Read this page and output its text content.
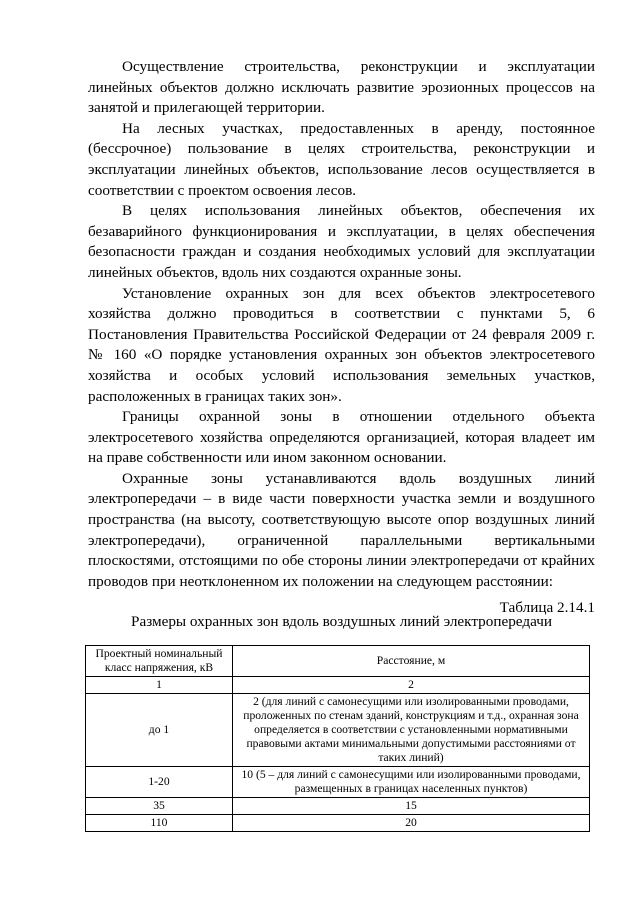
Осуществление строительства, реконструкции и эксплуатации линейных объектов должно исключать развитие эрозионных процессов на занятой и прилегающей территории.

На лесных участках, предоставленных в аренду, постоянное (бессрочное) пользование в целях строительства, реконструкции и эксплуатации линейных объектов, использование лесов осуществляется в соответствии с проектом освоения лесов.

В целях использования линейных объектов, обеспечения их безаварийного функционирования и эксплуатации, в целях обеспечения безопасности граждан и создания необходимых условий для эксплуатации линейных объектов, вдоль них создаются охранные зоны.

Установление охранных зон для всех объектов электросетевого хозяйства должно проводиться в соответствии с пунктами 5, 6 Постановления Правительства Российской Федерации от 24 февраля 2009 г. № 160 «О порядке установления охранных зон объектов электросетевого хозяйства и особых условий использования земельных участков, расположенных в границах таких зон».

Границы охранной зоны в отношении отдельного объекта электросетевого хозяйства определяются организацией, которая владеет им на праве собственности или ином законном основании.

Охранные зоны устанавливаются вдоль воздушных линий электропередачи – в виде части поверхности участка земли и воздушного пространства (на высоту, соответствующую высоте опор воздушных линий электропередачи), ограниченной параллельными вертикальными плоскостями, отстоящими по обе стороны линии электропередачи от крайних проводов при неотклоненном их положении на следующем расстоянии:

Таблица 2.14.1
Размеры охранных зон вдоль воздушных линий электропередачи
Проектный номинальный класс напряжения, кВ	Расстояние, м
1	2
до 1	2 (для линий с самонесущими или изолированными проводами, проложенных по стенам зданий, конструкциям и т.д., охранная зона определяется в соответствии с установленными нормативными правовыми актами минимальными допустимыми расстояниями от таких линий)
1-20	10 (5 – для линий с самонесущими или изолированными проводами, размещенных в границах населенных пунктов)
35	15
110	20
